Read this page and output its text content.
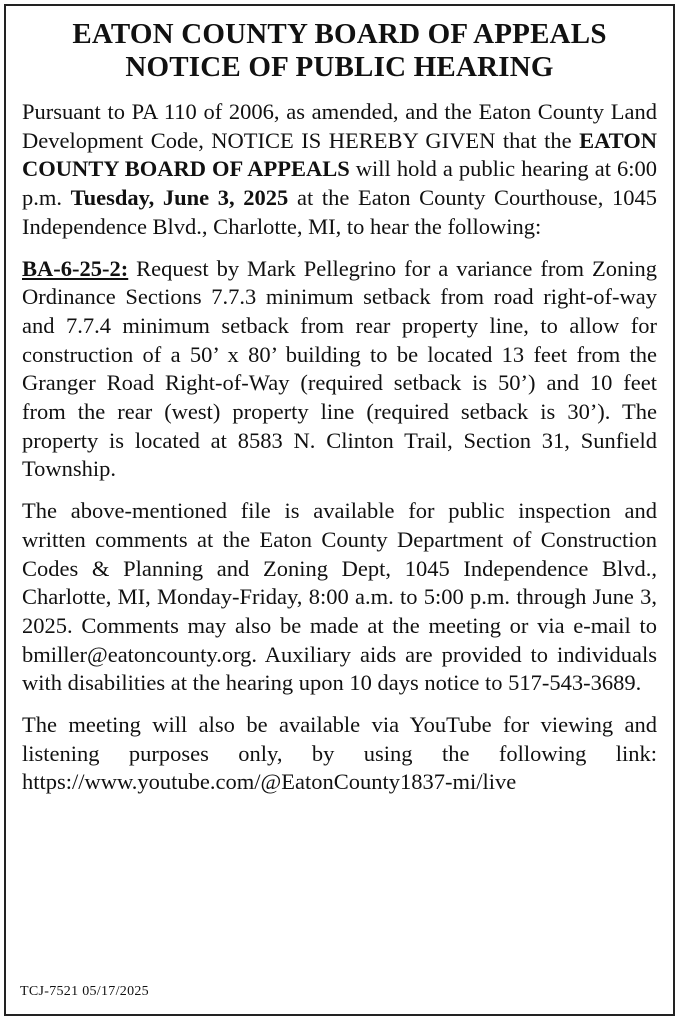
EATON COUNTY BOARD OF APPEALS
NOTICE OF PUBLIC HEARING

Pursuant to PA 110 of 2006, as amended, and the Eaton County Land Development Code, NOTICE IS HEREBY GIVEN that the EATON COUNTY BOARD OF APPEALS will hold a public hearing at 6:00 p.m. Tuesday, June 3, 2025 at the Eaton County Courthouse, 1045 Independence Blvd., Charlotte, MI, to hear the following:

BA-6-25-2: Request by Mark Pellegrino for a variance from Zoning Ordinance Sections 7.7.3 minimum setback from road right-of-way and 7.7.4 minimum setback from rear property line, to allow for construction of a 50’ x 80’ building to be located 13 feet from the Granger Road Right-of-Way (required setback is 50’) and 10 feet from the rear (west) property line (required setback is 30’). The property is located at 8583 N. Clinton Trail, Section 31, Sunfield Township.

The above-mentioned file is available for public inspection and written comments at the Eaton County Department of Construction Codes & Planning and Zoning Dept, 1045 Independence Blvd., Charlotte, MI, Monday-Friday, 8:00 a.m. to 5:00 p.m. through June 3, 2025. Comments may also be made at the meeting or via e-mail to bmiller@eatoncounty.org. Auxiliary aids are provided to individuals with disabilities at the hearing upon 10 days notice to 517-543-3689.

The meeting will also be available via YouTube for viewing and listening purposes only, by using the following link: https://www.youtube.com/@EatonCounty1837-mi/live

TCJ-7521 05/17/2025
